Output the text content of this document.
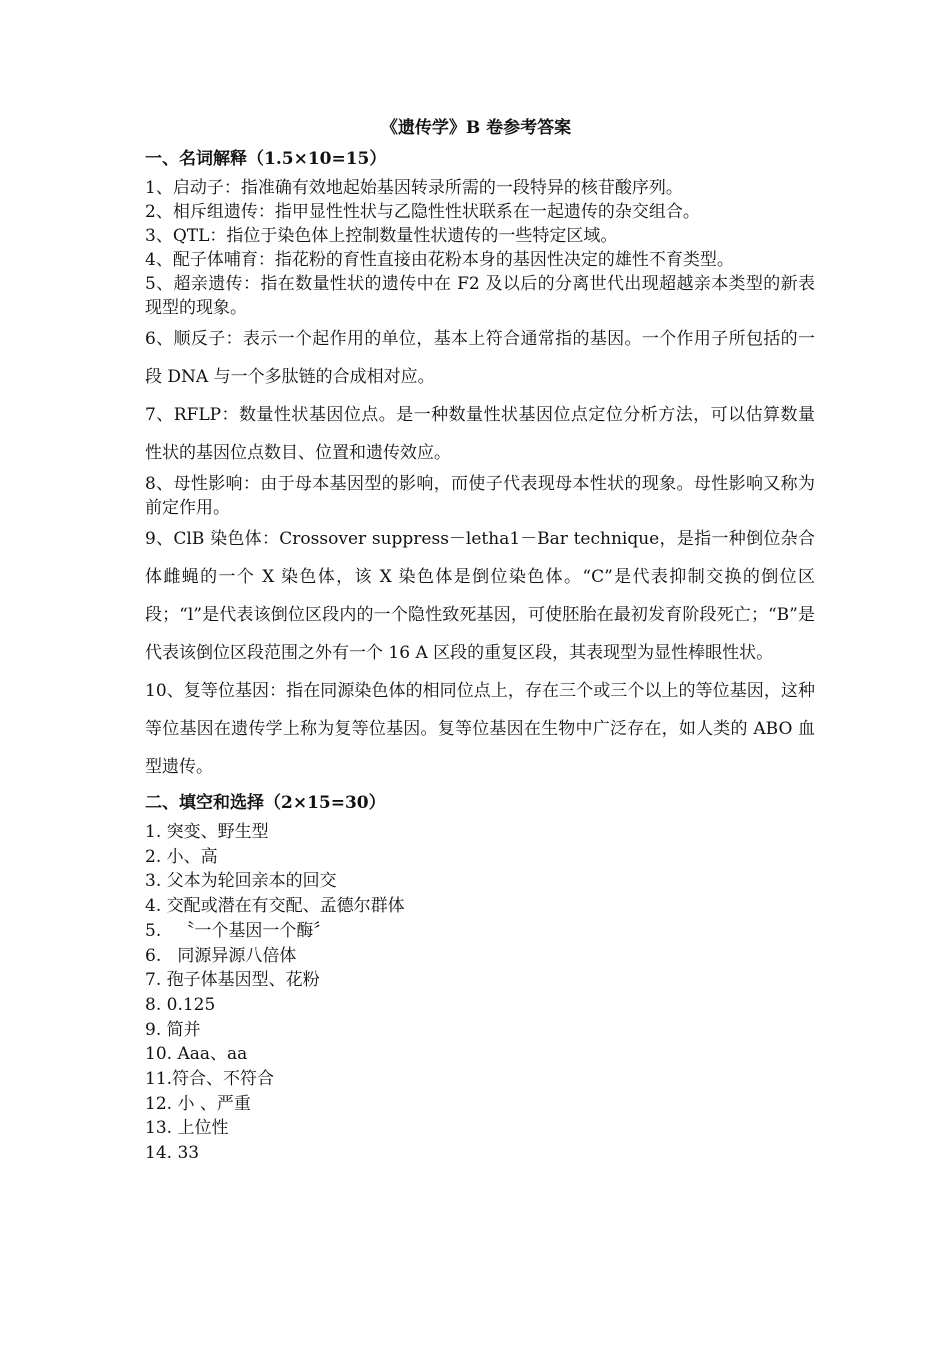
《遗传学》B 卷参考答案

一、名词解释（1.5×10=15）

1、启动子：指准确有效地起始基因转录所需的一段特异的核苷酸序列。

2、相斥组遗传：指甲显性性状与乙隐性性状联系在一起遗传的杂交组合。

3、QTL：指位于染色体上控制数量性状遗传的一些特定区域。

4、配子体哺育：指花粉的育性直接由花粉本身的基因性决定的雄性不育类型。

5、超亲遗传：指在数量性状的遗传中在 F2 及以后的分离世代出现超越亲本类型的新表现型的现象。

6、顺反子：表示一个起作用的单位，基本上符合通常指的基因。一个作用子所包括的一段 DNA 与一个多肽链的合成相对应。

7、RFLP：数量性状基因位点。是一种数量性状基因位点定位分析方法，可以估算数量性状的基因位点数目、位置和遗传效应。

8、母性影响：由于母本基因型的影响，而使子代表现母本性状的现象。母性影响又称为前定作用。

9、ClB 染色体：Crossover suppress－letha1－Bar technique，是指一种倒位杂合体雌蝇的一个 X 染色体，该 X 染色体是倒位染色体。“C”是代表抑制交换的倒位区段；“l”是代表该倒位区段内的一个隐性致死基因，可使胚胎在最初发育阶段死亡；“B”是代表该倒位区段范围之外有一个 16 A 区段的重复区段，其表现型为显性棒眼性状。

10、复等位基因：指在同源染色体的相同位点上，存在三个或三个以上的等位基因，这种等位基因在遗传学上称为复等位基因。复等位基因在生物中广泛存在，如人类的 ABO 血型遗传。

二、填空和选择（2×15=30）

1. 突变、野生型
2. 小、高
3. 父本为轮回亲本的回交
4. 交配或潜在有交配、孟德尔群体
5.   〝一个基因一个酶〞
6.   同源异源八倍体
7. 孢子体基因型、花粉
8. 0.125
9. 简并
10. Aaa、aa
11.符合、不符合
12. 小 、严重
13. 上位性
14. 33
